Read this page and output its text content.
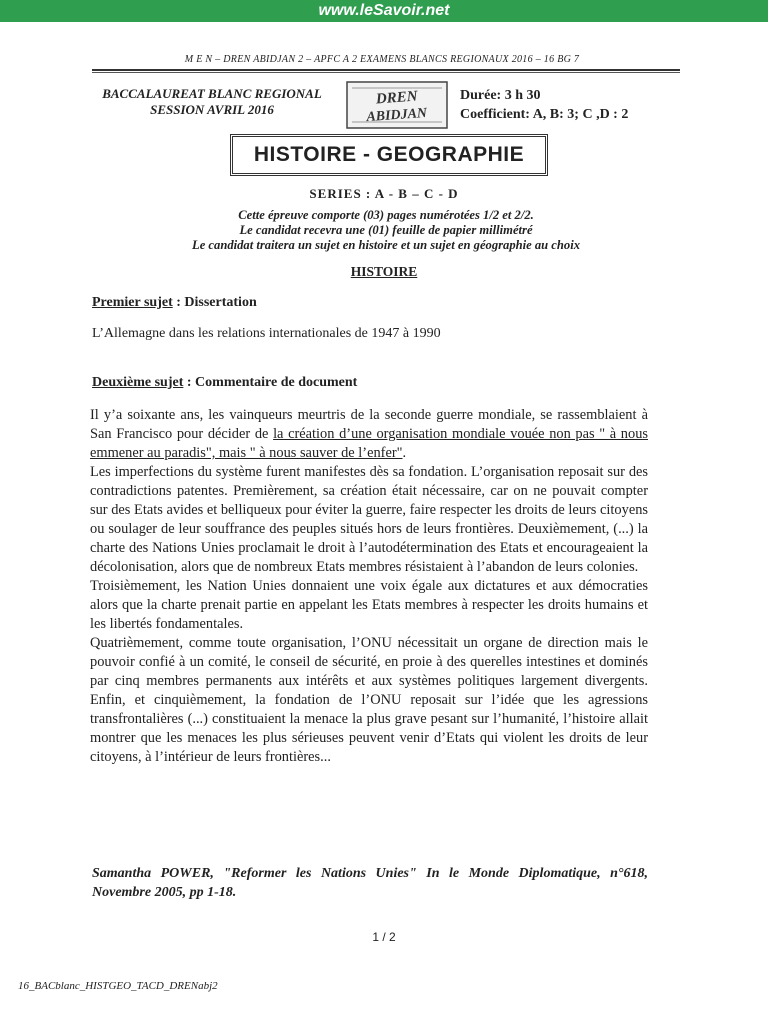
www.leSavoir.net
M E N – DREN ABIDJAN 2 – APFC A 2 EXAMENS BLANCS REGIONAUX 2016 – 16 BG 7
BACCALAUREAT BLANC REGIONAL
SESSION AVRIL 2016
DREN
ABIDJAN
Durée: 3 h 30
Coefficient: A, B: 3; C ,D : 2
HISTOIRE - GEOGRAPHIE
SERIES : A - B – C - D
Cette épreuve comporte (03) pages numérotées 1/2 et 2/2.
Le candidat recevra une (01) feuille de papier millimétré
Le candidat traitera un sujet en histoire et un sujet en géographie au choix
HISTOIRE
Premier sujet : Dissertation
L’Allemagne dans les relations internationales de 1947 à 1990
Deuxième sujet : Commentaire de document

Il y’a soixante ans, les vainqueurs meurtris de la seconde guerre mondiale, se rassemblaient à San Francisco pour décider de la création d’une organisation mondiale vouée non pas " à nous emmener au paradis", mais " à nous sauver de l’enfer".

Les imperfections du système furent manifestes dès sa fondation. L’organisation reposait sur des contradictions patentes. Premièrement, sa création était nécessaire, car on ne pouvait compter sur des Etats avides et belliqueux pour éviter la guerre, faire respecter les droits de leurs citoyens ou soulager de leur souffrance des peuples situés hors de leurs frontières. Deuxièmement, (...) la charte des Nations Unies proclamait le droit à l’autodétermination des Etats et encourageaient la décolonisation, alors que de nombreux Etats membres résistaient à l’abandon de leurs colonies.

Troisièmement, les Nation Unies donnaient une voix égale aux dictatures et aux démocraties alors que la charte prenait partie en appelant les Etats membres à respecter les droits humains et les libertés fondamentales.

Quatrièmement, comme toute organisation, l’ONU nécessitait un organe de direction mais le pouvoir confié à un comité, le conseil de sécurité, en proie à des querelles intestines et dominés par cinq membres permanents aux intérêts et aux systèmes politiques largement divergents. Enfin, et cinquièmement, la fondation de l’ONU reposait sur l’idée que les agressions transfrontalières (...) constituaient la menace la plus grave pesant sur l’humanité, l’histoire allait montrer que les menaces les plus sérieuses peuvent venir d’Etats qui violent les droits de leur citoyens, à l’intérieur de leurs frontières...

Samantha POWER, "Reformer les Nations Unies" In le Monde Diplomatique, n°618, Novembre 2005, pp 1-18.
1 / 2
16_BACblanc_HISTGEO_TACD_DRENabj2
